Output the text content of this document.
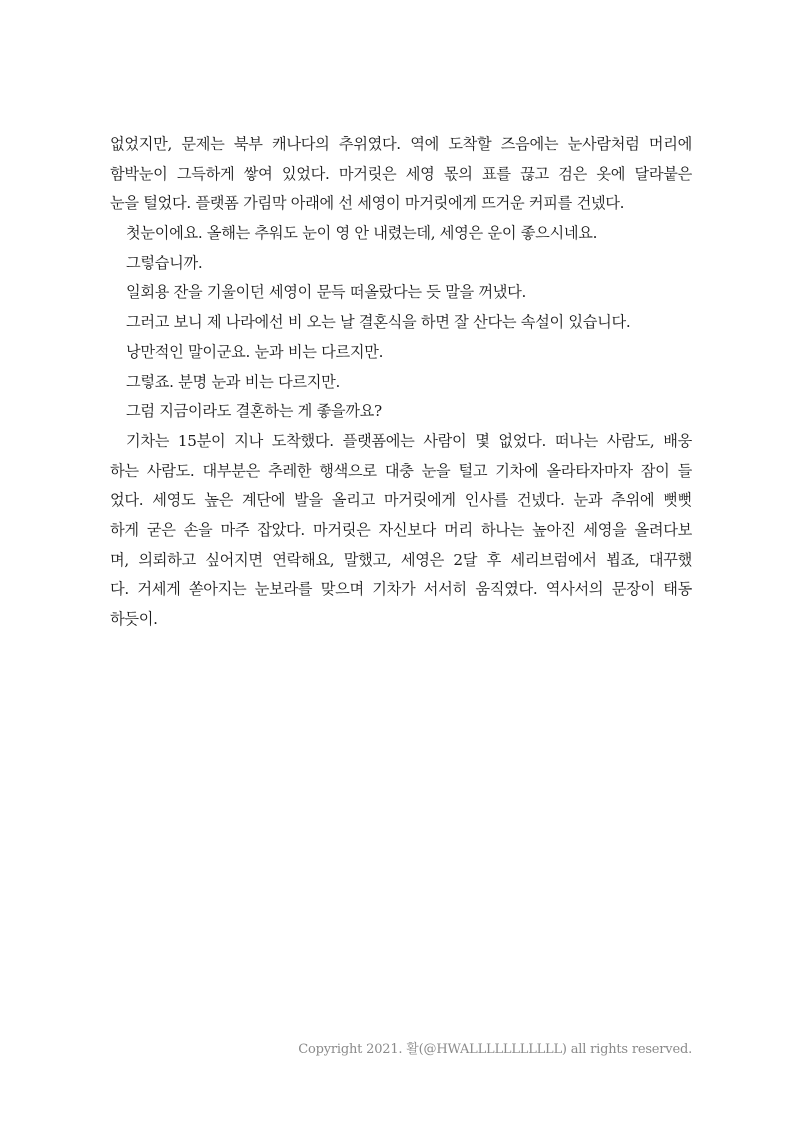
없었지만, 문제는 북부 캐나다의 추위였다. 역에 도착할 즈음에는 눈사람처럼 머리에
함박눈이 그득하게 쌓여 있었다. 마거릿은 세영 몫의 표를 끊고 검은 옷에 달라붙은
눈을 털었다. 플랫폼 가림막 아래에 선 세영이 마거릿에게 뜨거운 커피를 건넸다.
첫눈이에요. 올해는 추워도 눈이 영 안 내렸는데, 세영은 운이 좋으시네요.
그렇습니까.
일회용 잔을 기울이던 세영이 문득 떠올랐다는 듯 말을 꺼냈다.
그러고 보니 제 나라에선 비 오는 날 결혼식을 하면 잘 산다는 속설이 있습니다.
낭만적인 말이군요. 눈과 비는 다르지만.
그렇죠. 분명 눈과 비는 다르지만.
그럼 지금이라도 결혼하는 게 좋을까요?
기차는 15분이 지나 도착했다. 플랫폼에는 사람이 몇 없었다. 떠나는 사람도, 배웅
하는 사람도. 대부분은 추레한 행색으로 대충 눈을 털고 기차에 올라타자마자 잠이 들
었다. 세영도 높은 계단에 발을 올리고 마거릿에게 인사를 건넸다. 눈과 추위에 뻣뻣
하게 굳은 손을 마주 잡았다. 마거릿은 자신보다 머리 하나는 높아진 세영을 올려다보
며, 의뢰하고 싶어지면 연락해요, 말했고, 세영은 2달 후 세리브럼에서 뵙죠, 대꾸했
다. 거세게 쏟아지는 눈보라를 맞으며 기차가 서서히 움직였다. 역사서의 문장이 태동
하듯이.
Copyright 2021. 활(@HWALLLLLLLLLLL) all rights reserved.
